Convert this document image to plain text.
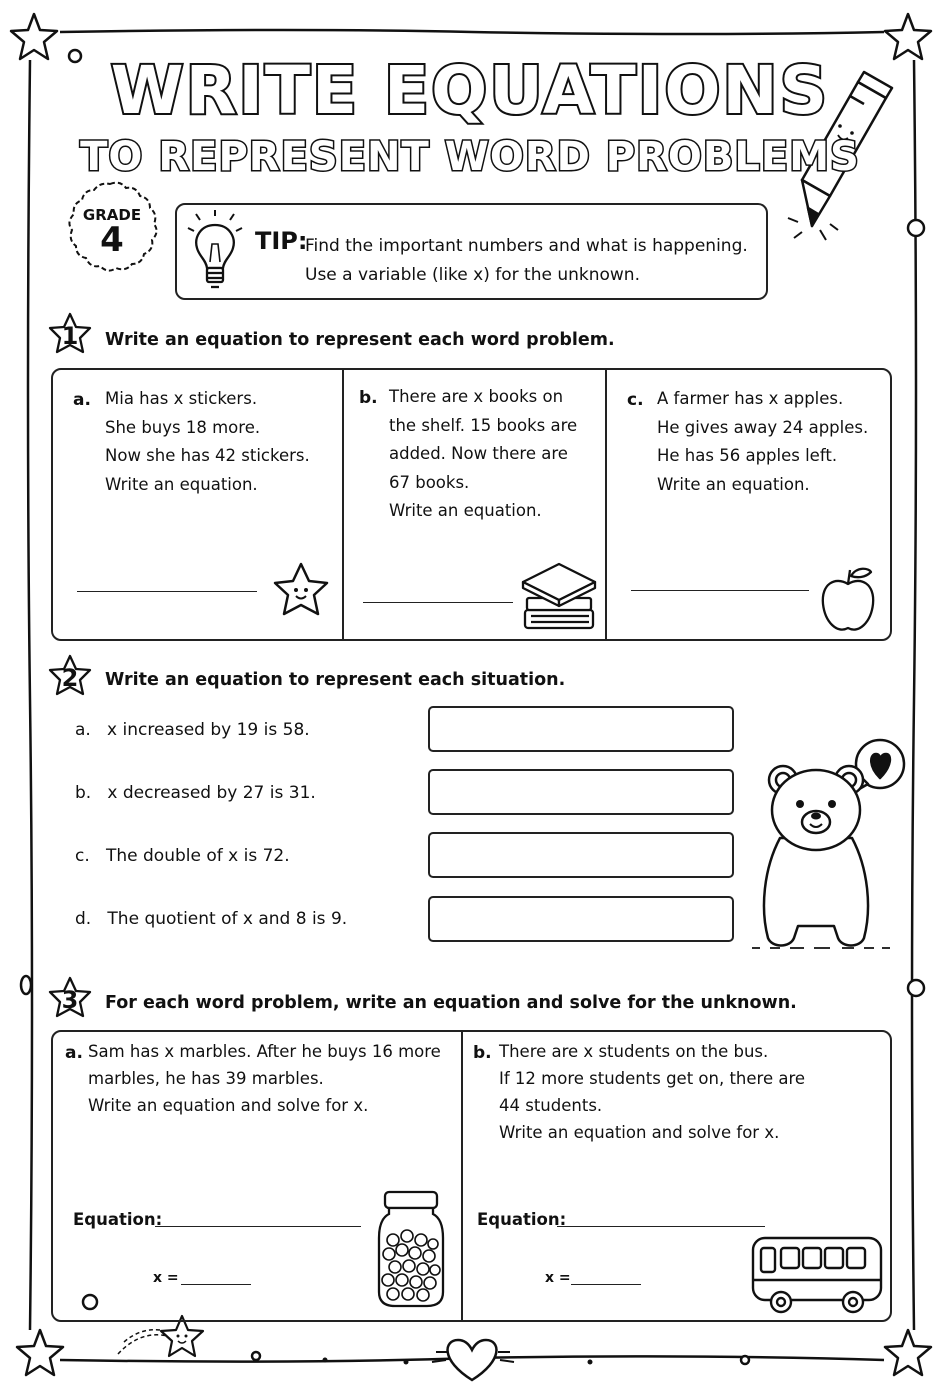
WRITE EQUATIONS
TO REPRESENT WORD PROBLEMS
GRADE
4	TIP:
Find the important numbers and what is happening.
Use a variable (like x) for the unknown.
1	Write an equation to represent each word problem.
a. Mia has x stickers.
She buys 18 more.
Now she has 42 stickers.
Write an equation.
b. There are x books on
the shelf. 15 books are
added. Now there are
67 books.
Write an equation.
c. A farmer has x apples.
He gives away 24 apples.
He has 56 apples left.
Write an equation.
2	Write an equation to represent each situation.
a. x increased by 19 is 58.
b. x decreased by 27 is 31.
c. The double of x is 72.
d. The quotient of x and 8 is 9.
3	For each word problem, write an equation and solve for the unknown.
a. Sam has x marbles. After he buys 16 more
marbles, he has 39 marbles.
Write an equation and solve for x.
Equation:
x =
b. There are x students on the bus.
If 12 more students get on, there are
44 students.
Write an equation and solve for x.
Equation:
x =
